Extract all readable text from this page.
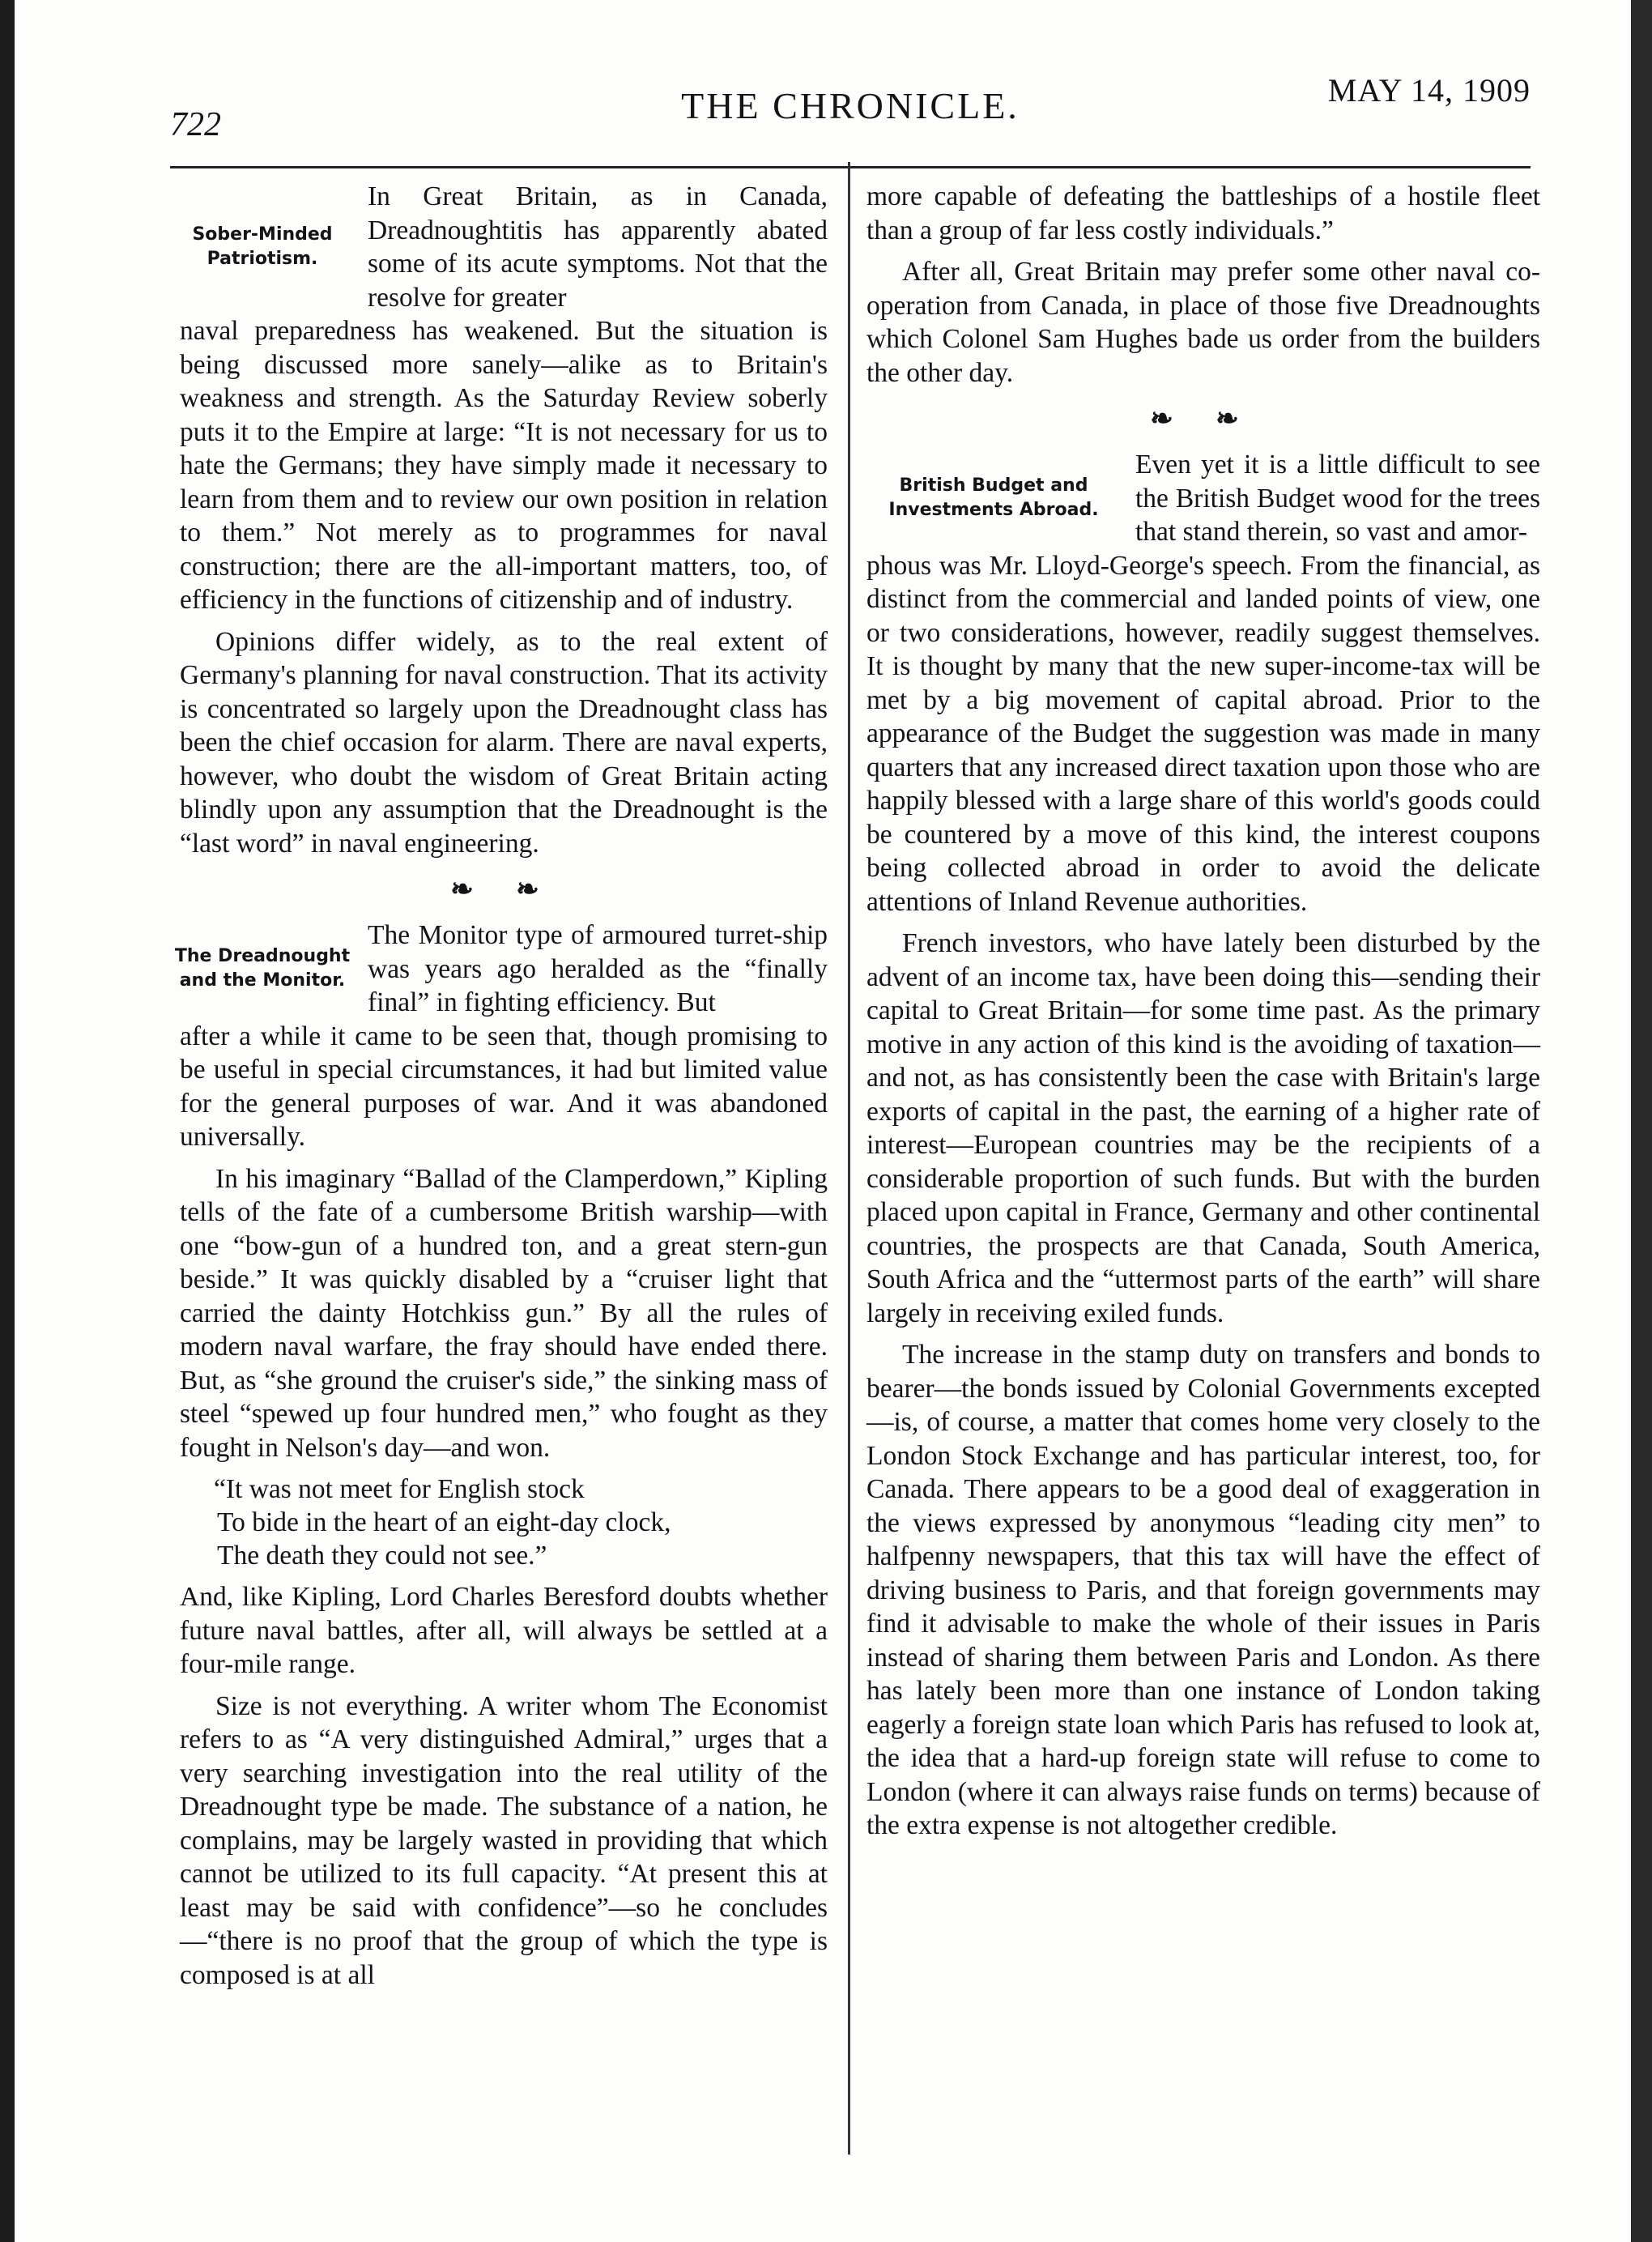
722	THE CHRONICLE.	MAY 14, 1909
Sober-Minded
Patriotism.

In Great Britain, as in Canada, Dreadnoughtitis has apparently abated some of its acute symptoms. Not that the resolve for greater

naval preparedness has weakened. But the situation is being discussed more sanely—alike as to Britain's weakness and strength. As the Saturday Review soberly puts it to the Empire at large: “It is not necessary for us to hate the Germans; they have simply made it necessary to learn from them and to review our own position in relation to them.” Not merely as to programmes for naval construction; there are the all-important matters, too, of efficiency in the functions of citizenship and of industry.

Opinions differ widely, as to the real extent of Germany's planning for naval construction. That its activity is concentrated so largely upon the Dreadnought class has been the chief occasion for alarm. There are naval experts, however, who doubt the wisdom of Great Britain acting blindly upon any assumption that the Dreadnought is the “last word” in naval engineering.

❧ ❧
The Dreadnought
and the Monitor.

The Monitor type of armoured turret-ship was years ago heralded as the “finally final” in fighting efficiency. But

after a while it came to be seen that, though promising to be useful in special circumstances, it had but limited value for the general purposes of war. And it was abandoned universally.

In his imaginary “Ballad of the Clamperdown,” Kipling tells of the fate of a cumbersome British warship—with one “bow-gun of a hundred ton, and a great stern-gun beside.” It was quickly disabled by a “cruiser light that carried the dainty Hotchkiss gun.” By all the rules of modern naval warfare, the fray should have ended there. But, as “she ground the cruiser's side,” the sinking mass of steel “spewed up four hundred men,” who fought as they fought in Nelson's day—and won.

“It was not meet for English stock
To bide in the heart of an eight-day clock,
The death they could not see.”

And, like Kipling, Lord Charles Beresford doubts whether future naval battles, after all, will always be settled at a four-mile range.

Size is not everything. A writer whom The Economist refers to as “A very distinguished Admiral,” urges that a very searching investigation into the real utility of the Dreadnought type be made. The substance of a nation, he complains, may be largely wasted in providing that which cannot be utilized to its full capacity. “At present this at least may be said with confidence”—so he concludes—“there is no proof that the group of which the type is composed is at all

more capable of defeating the battleships of a hostile fleet than a group of far less costly individuals.”

After all, Great Britain may prefer some other naval co-operation from Canada, in place of those five Dreadnoughts which Colonel Sam Hughes bade us order from the builders the other day.

❧ ❧
British Budget and
Investments Abroad.

Even yet it is a little difficult to see the British Budget wood for the trees that stand therein, so vast and amor-

phous was Mr. Lloyd-George's speech. From the financial, as distinct from the commercial and landed points of view, one or two considerations, however, readily suggest themselves. It is thought by many that the new super-income-tax will be met by a big movement of capital abroad. Prior to the appearance of the Budget the suggestion was made in many quarters that any increased direct taxation upon those who are happily blessed with a large share of this world's goods could be countered by a move of this kind, the interest coupons being collected abroad in order to avoid the delicate attentions of Inland Revenue authorities.

French investors, who have lately been disturbed by the advent of an income tax, have been doing this—sending their capital to Great Britain—for some time past. As the primary motive in any action of this kind is the avoiding of taxation—and not, as has consistently been the case with Britain's large exports of capital in the past, the earning of a higher rate of interest—European countries may be the recipients of a considerable proportion of such funds. But with the burden placed upon capital in France, Germany and other continental countries, the prospects are that Canada, South America, South Africa and the “uttermost parts of the earth” will share largely in receiving exiled funds.

The increase in the stamp duty on transfers and bonds to bearer—the bonds issued by Colonial Governments excepted—is, of course, a matter that comes home very closely to the London Stock Exchange and has particular interest, too, for Canada. There appears to be a good deal of exaggeration in the views expressed by anonymous “leading city men” to halfpenny newspapers, that this tax will have the effect of driving business to Paris, and that foreign governments may find it advisable to make the whole of their issues in Paris instead of sharing them between Paris and London. As there has lately been more than one instance of London taking eagerly a foreign state loan which Paris has refused to look at, the idea that a hard-up foreign state will refuse to come to London (where it can always raise funds on terms) because of the extra expense is not altogether credible.
